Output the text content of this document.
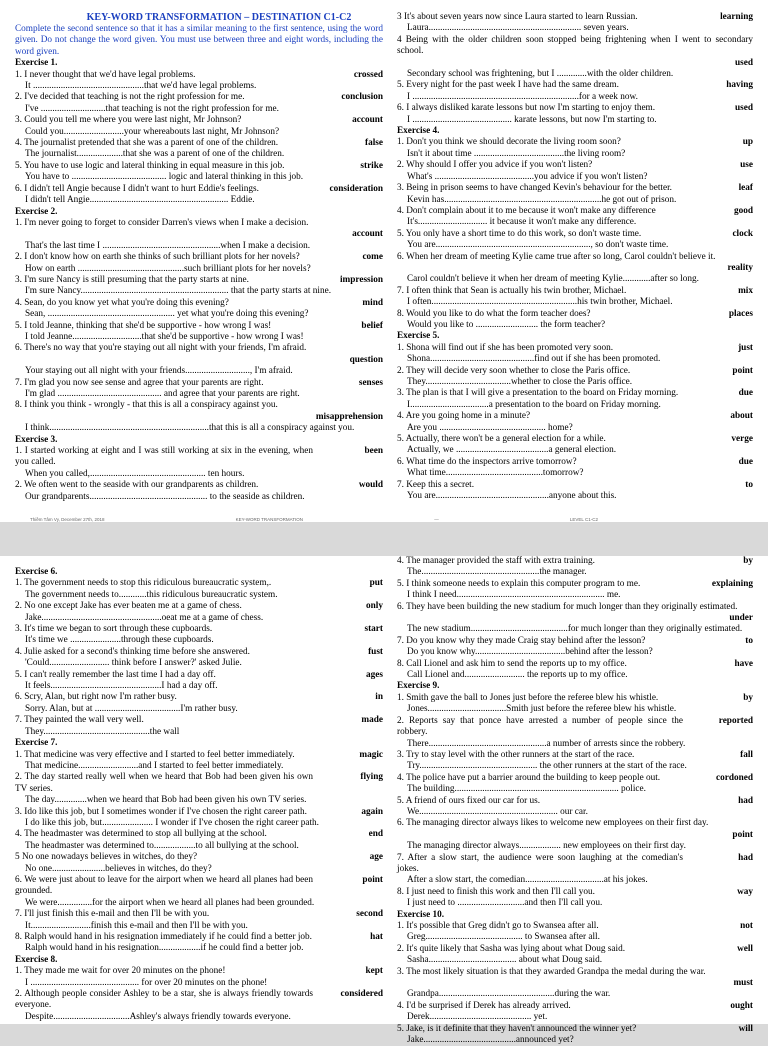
KEY-WORD TRANSFORMATION – DESTINATION C1-C2
Complete the second sentence so that it has a similar meaning to the first sentence, using the word given. Do not change the word given. You must use between three and eight words, including the word given.
Exercise 1.
1. I never thought that we'd have legal problems.	crossed
It ................................................that we'd have legal problems.
2. I've decided that teaching is not the right profession for me.	conclusion
I've ............................that teaching is not the right profession for me.
3. Could you tell me where you were last night, Mr Johnson?	account
Could you..........................your whereabouts last night, Mr Johnson?
4. The journalist pretended that she was a parent of one of the children.	false
The journalist....................that she was a parent of one of the children.
5. You have to use logic and lateral thinking in equal measure in this job.	strike
You have to ......................................... logic and lateral thinking in this job.
6. I didn't tell Angie because I didn't want to hurt Eddie's feelings.	consideration
I didn't tell Angie............................................................ Eddie.
Exercise 2.
1. I'm never going to forget to consider Darren's views when I make a decision.
account
That's the last time I ...................................................when I make a decision.
2. I don't know how on earth she thinks of such brilliant plots for her novels?	come
How on earth ..............................................such brilliant plots for her novels?
3. I'm sure Nancy is still presuming that the party starts at nine.	impression
I'm sure Nancy................................................................ that the party starts at nine.
4. Sean, do you know yet what you're doing this evening?	mind
Sean, ....................................................... yet what you're doing this evening?
5. I told Jeanne, thinking that she'd be supportive - how wrong I was!	belief
I told Jeanne..............................that she'd be supportive - how wrong I was!
6. There's no way that you're staying out all night with your friends, I'm afraid.
question
Your staying out all night with your friends............................, I'm afraid.
7. I'm glad you now see sense and agree that your parents are right.	senses
I'm glad ............................................. and agree that your parents are right.
8. I think you think - wrongly - that this is all a conspiracy against you.
misapprehension
I think.....................................................................that this is all a conspiracy against you.
Exercise 3.
1. I started working at eight and I was still working at six in the evening, when you called.
been
When you called,.................................................. ten hours.
2. We often went to the seaside with our grandparents as children.	would
Our grandparents................................................... to the seaside as children.
3 It's about seven years now since Laura started to learn Russian.	learning
Laura.................................................................. seven years.
4 Being with the older children soon stopped being frightening when I went to secondary school.
used
Secondary school was frightening, but I .............with the older children.
5. Every night for the past week I have had the same dream.	having
I ........................................................................for a week now.
6. I always disliked karate lessons but now I'm starting to enjoy them.	used
I ........................................... karate lessons, but now I'm starting to.
Exercise 4.
1. Don't you think we should decorate the living room soon?	up
Isn't it about time .......................................the living room?
2. Why should I offer you advice if you won't listen?	use
What's ...........................................you advice if you won't listen?
3. Being in prison seems to have changed Kevin's behaviour for the better.	leaf
Kevin has....................................................................he got out of prison.
4. Don't complain about it to me because it won't make any difference	good
It's.............................. it because it won't make any difference.
5. You only have a short time to do this work, so don't waste time.	clock
You are..................................................................., so don't waste time.
6. When her dream of meeting Kylie came true after so long, Carol couldn't believe it.
reality
Carol couldn't believe it when her dream of meeting Kylie............after so long.
7. I often think that Sean is actually his twin brother, Michael.	mix
I often...............................................................his twin brother, Michael.
8. Would you like to do what the form teacher does?	places
Would you like to ........................... the form teacher?
Exercise 5.
1. Shona will find out if she has been promoted very soon.	just
Shona.............................................find out if she has been promoted.
2. They will decide very soon whether to close the Paris office.	point
They.....................................whether to close the Paris office.
3. The plan is that I will give a presentation to the board on Friday morning.	due
I..................................a presentation to the board on Friday morning.
4. Are you going home in a minute?	about
Are you .............................................. home?
5. Actually, there won't be a general election for a while.	verge
Actually, we ........................................a general election.
6. What time do the inspectors arrive tomorrow?	due
What time..........................................tomorrow?
7. Keep this a secret.	to
You are.................................................anyone about this.
Thiềm Tâm Vy, December 27th, 2018	KEY-WORD TRANSFORMATION	—	LEVEL C1-C2
Exercise 6.
1. The government needs to stop this ridiculous bureaucratic system,.	put
The government needs to............this ridiculous bureaucratic system.
2. No one except Jake has ever beaten me at a game of chess.	only
Jake....................................................oeat me at a game of chess.
3. It's time we began to sort through these cupboards.	start
It's time we ......................through these cupboards.
4. Julie asked for a second's thinking time before she answered.	fust
'Could.......................... think before I answer?' asked Julie.
5. I can't really remember the last time I had a day off.	ages
It feels................................................I had a day off.
6. Scry, Alan, but right now I'm rather busy.	in
Sorry. Alan, but at .....................................I'm rather busy.
7. They painted the wall very well.	made
They..............................................the wall
Exercise 7.
1. That medicine was very effective and I started to feel better immediately.	magic
That medicine..........................and I started to feel better immediately.
2. The day started really well when we heard that Bob had been given his own TV series.
flying
The day..............when we heard that Bob had been given his own TV series.
3. Ido like this job, but I sometimes wonder if I've chosen the right career path.	again
I do like this job, but...................... I wonder if I've chosen the right career path.
4. The headmaster was determined to stop all bullying at the school.	end
The headmaster was determined to..................to all bullying at the school.
5 No one nowadays believes in witches, do they?	age
No one.......................believes in witches, do they?
6. We were just about to leave for the airport when we heard all planes had been grounded.
point
We were...............for the airport when we heard all planes had been grounded.
7. I'll just finish this e-mail and then I'll be with you.	second
It..........................finish this e-mail and then I'll be with you.
8. Ralph would hand in his resignation immediately if he could find a better job.	hat
Ralph would hand in his resignation..................if he could find a better job.
Exercise 8.
1. They made me wait for over 20 minutes on the phone!	kept
I ............................................... for over 20 minutes on the phone!
2. Although people consider Ashley to be a star, she is always friendly towards everyone.
considered
Despite.................................Ashley's always friendly towards everyone.
4. The manager provided the staff with extra training.	by
The...................................................the manager.
5. I think someone needs to explain this computer program to me.	explaining
I think I need................................................................ me.
6. They have been building the new stadium for much longer than they originally estimated.
under
The new stadium..........................................for much longer than they originally estimated.
7. Do you know why they made Craig stay behind after the lesson?	to
Do you know why.......................................behind after the lesson?
8. Call Lionel and ask him to send the reports up to my office.	have
Call Lionel and.......................... the reports up to my office.
Exercise 9.
1. Smith gave the ball to Jones just before the referee blew his whistle.	by
Jones..................................Smith just before the referee blew his whistle.
2. Reports say that ponce have arrested a number of people since the robbery.
reported
There...................................................a number of arrests since the robbery.
3. Try to stay level with the other runners at the start of the race.	fall
Try................................................... the other runners at the start of the race.
4. The police have put a barrier around the building to keep people out.	cordoned
The building....................................................................... police.
5. A friend of ours fixed our car for us.	had
We............................................................ our car.
6. The managing director always likes to welcome new employees on their first day.
point
The managing director always.................. new employees on their first day.
7. After a slow start, the audience were soon laughing at the comedian's jokes.
had
After a slow start, the comedian..................................at his jokes.
8. I just need to finish this work and then I'll call you.	way
I just need to .............................and then I'll call you.
Exercise 10.
1. It's possible that Greg didn't go to Swansea after all.	not
Greg.......................................... to Swansea after all.
2. It's quite likely that Sasha was lying about what Doug said.	well
Sasha...................................... about what Doug said.
3. The most likely situation is that they awarded Grandpa the medal during the war.
must
Grandpa..................................................during the war.
4. I'd be surprised if Derek has already arrived.	ought
Derek............................................ yet.
5. Jake, is it definite that they haven't announced the winner yet?	will
Jake........................................announced yet?
